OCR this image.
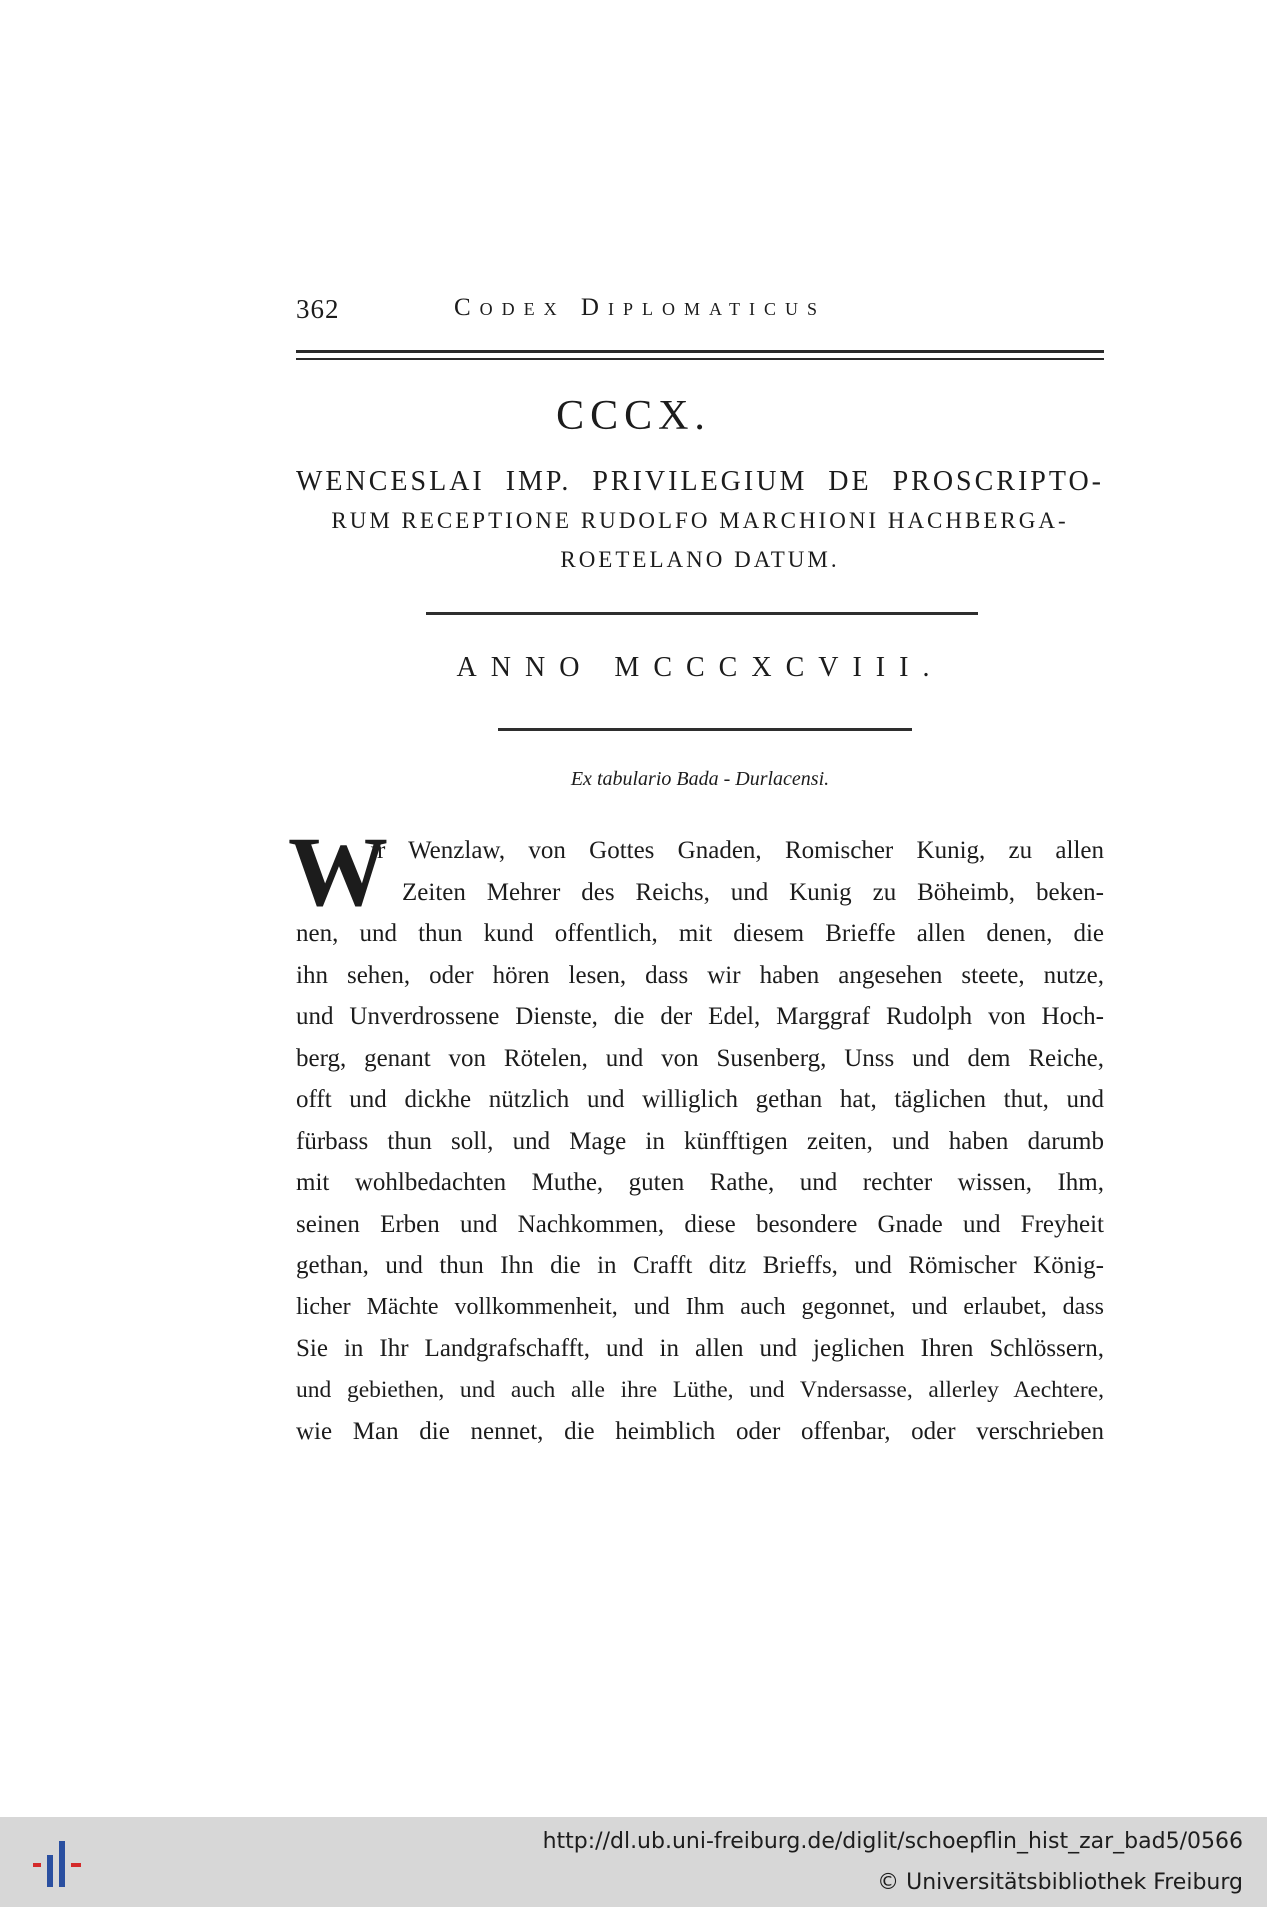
362	Codex Diplomaticus
CCCX.
WENCESLAI IMP. PRIVILEGIUM DE PROSCRIPTO-
RUM RECEPTIONE RUDOLFO MARCHIONI HACHBERGA-
ROETELANO DATUM.
ANNO MCCCXCVIII.
Ex tabulario Bada - Durlacensi.
W
ir Wenzlaw, von Gottes Gnaden, Romischer Kunig, zu allen
Zeiten Mehrer des Reichs, und Kunig zu Böheimb, beken-
nen, und thun kund offentlich, mit diesem Brieffe allen denen, die
ihn sehen, oder hören lesen, dass wir haben angesehen steete, nutze,
und Unverdrossene Dienste, die der Edel, Marggraf Rudolph von Hoch-
berg, genant von Rötelen, und von Susenberg, Unss und dem Reiche,
offt und dickhe nützlich und williglich gethan hat, täglichen thut, und
fürbass thun soll, und Mage in künfftigen zeiten, und haben darumb
mit wohlbedachten Muthe, guten Rathe, und rechter wissen, Ihm,
seinen Erben und Nachkommen, diese besondere Gnade und Freyheit
gethan, und thun Ihn die in Crafft ditz Brieffs, und Römischer König-
licher Mächte vollkommenheit, und Ihm auch gegonnet, und erlaubet, dass
Sie in Ihr Landgrafschafft, und in allen und jeglichen Ihren Schlössern,
und gebiethen, und auch alle ihre Lüthe, und Vndersasse, allerley Aechtere,
wie Man die nennet, die heimblich oder offenbar, oder verschrieben
http://dl.ub.uni-freiburg.de/diglit/schoepflin_hist_zar_bad5/0566
© Universitätsbibliothek Freiburg
